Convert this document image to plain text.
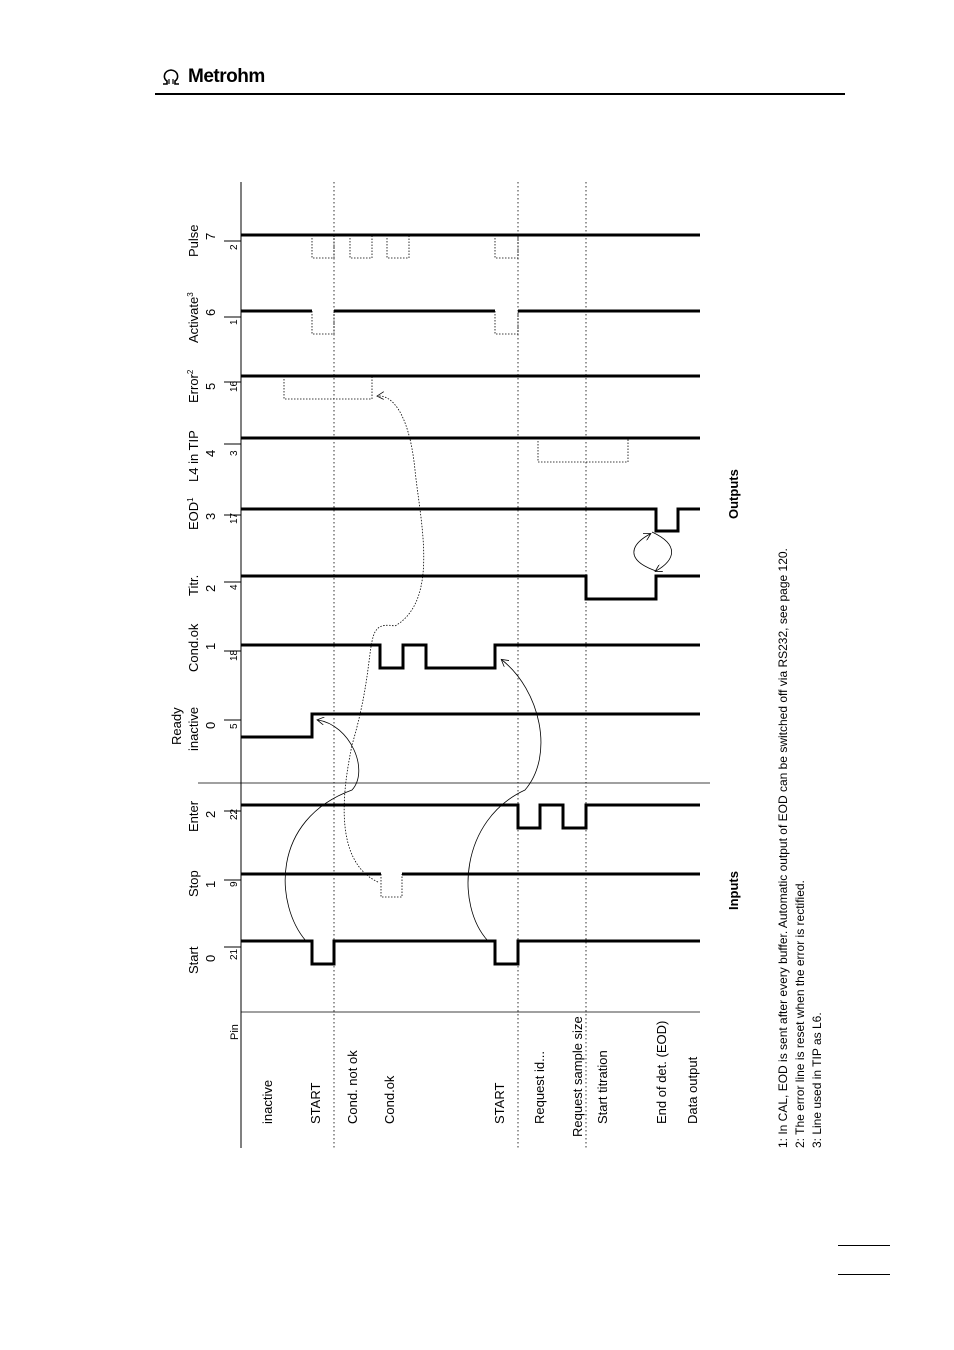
Metrohm
Pin
inactive	START Cond. not ok Cond.ok	START Request id... Request sample size Start titration	End of det. (EOD) Data output
Inputs
Outputs
Start 0 21
Stop 1 9
Enter 2 22
Ready inactive 0 5
Cond.ok 1
18
Titr. 2 4
EOD$^1$
3 17
L4 in TIP 4 3
Error$^2$
5 16
Activate$^3$
6
1
Pulse 7
2
1: In CAL, EOD is sent after every buffer. Automatic output of EOD can be switched off via RS232, see page 120. 2: The error line is reset when the error is rectified. 3: Line used in TIP as L6.
